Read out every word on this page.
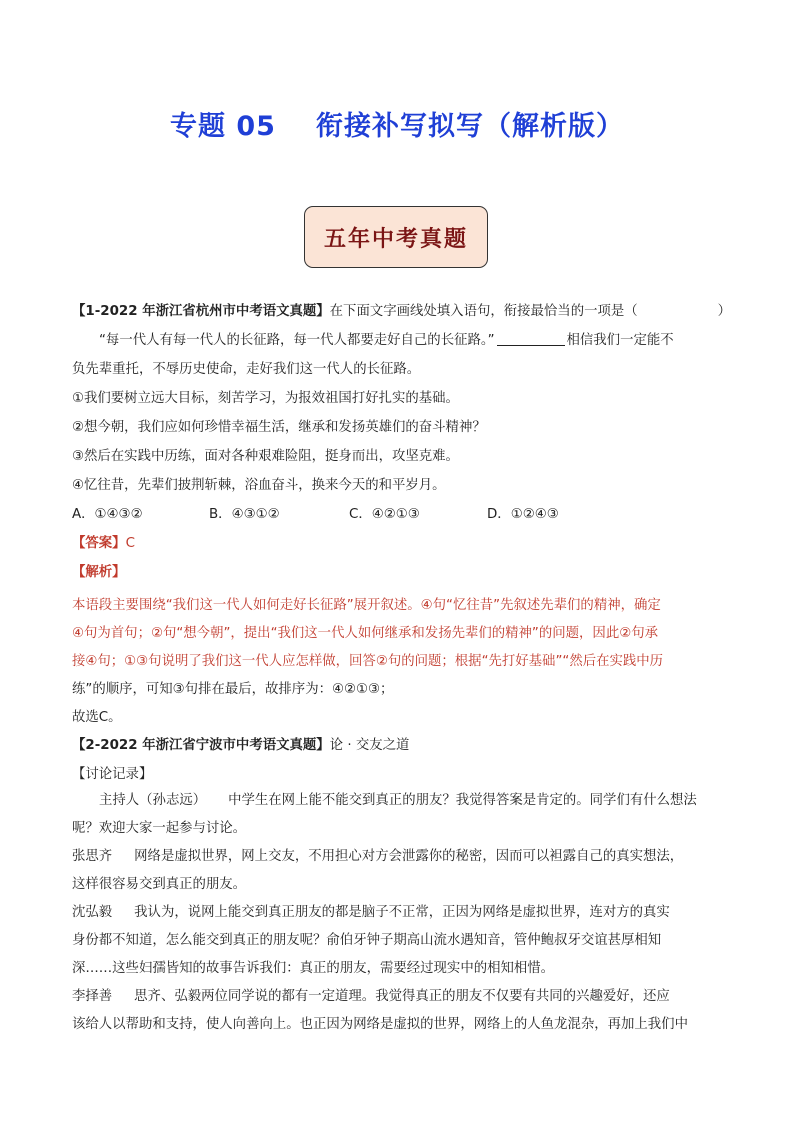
专题 05 衔接补写拟写（解析版）
五年中考真题
【1-2022 年浙江省杭州市中考语文真题】在下面文字画线处填入语句，衔接最恰当的一项是（	）
“每一代人有每一代人的长征路，每一代人都要走好自己的长征路。”	相信我们一定能不
负先辈重托，不辱历史使命，走好我们这一代人的长征路。
①我们要树立远大目标，刻苦学习，为报效祖国打好扎实的基础。
②想今朝，我们应如何珍惜幸福生活，继承和发扬英雄们的奋斗精神？
③然后在实践中历练，面对各种艰难险阻，挺身而出，攻坚克难。
④忆往昔，先辈们披荆斩棘，浴血奋斗，换来今天的和平岁月。
A．①④③②	B．④③①②	C．④②①③	D．①②④③
【答案】C
【解析】

本语段主要围绕“我们这一代人如何走好长征路”展开叙述。④句“忆往昔”先叙述先辈们的精神，确定

④句为首句；②句“想今朝”，提出“我们这一代人如何继承和发扬先辈们的精神”的问题，因此②句承

接④句；①③句说明了我们这一代人应怎样做，回答②句的问题；根据“先打好基础”“然后在实践中历

练”的顺序，可知③句排在最后，故排序为：④②①③；

故选C。

【2-2022 年浙江省宁波市中考语文真题】论 · 交友之道
【讨论记录】

主持人（孙志远） 中学生在网上能不能交到真正的朋友？我觉得答案是肯定的。同学们有什么想法

呢？欢迎大家一起参与讨论。

张思齐 网络是虚拟世界，网上交友，不用担心对方会泄露你的秘密，因而可以袒露自己的真实想法，

这样很容易交到真正的朋友。

沈弘毅 我认为，说网上能交到真正朋友的都是脑子不正常，正因为网络是虚拟世界，连对方的真实

身份都不知道，怎么能交到真正的朋友呢？俞伯牙钟子期高山流水遇知音，管仲鲍叔牙交谊甚厚相知

深……这些妇孺皆知的故事告诉我们：真正的朋友，需要经过现实中的相知相惜。

李择善 思齐、弘毅两位同学说的都有一定道理。我觉得真正的朋友不仅要有共同的兴趣爱好，还应

该给人以帮助和支持，使人向善向上。也正因为网络是虚拟的世界，网络上的人鱼龙混杂，再加上我们中
